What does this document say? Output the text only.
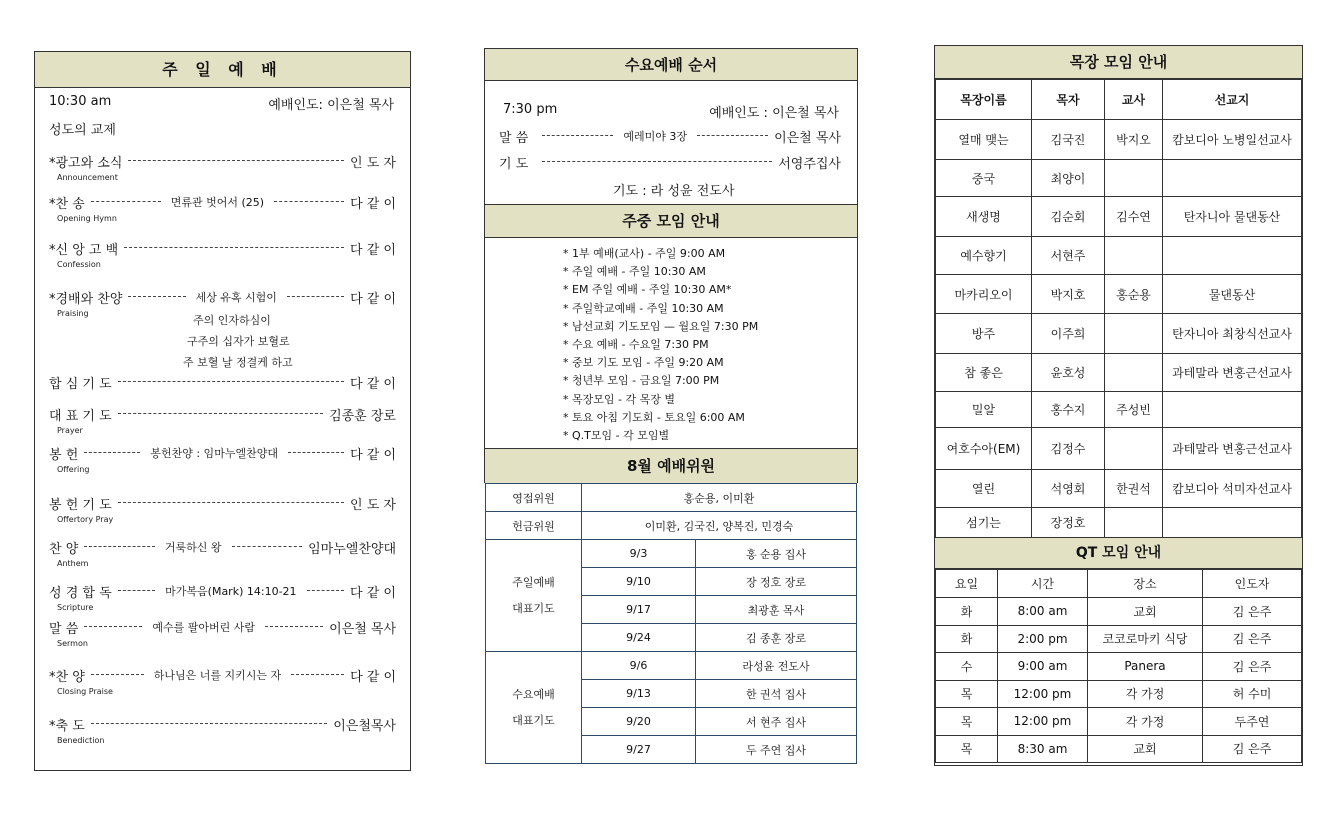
주 일 예 배
10:30 am	예배인도: 이은철 목사
성도의 교제
*광고와 소식	인 도 자
Announcement
*찬 송	면류관 벗어서 (25)	다 같 이
Opening Hymn
*신 앙 고 백	다 같 이
Confession
*경배와 찬양	세상 유혹 시험이	다 같 이
Praising
합 심 기 도	다 같 이
대 표 기 도	김종훈 장로
Prayer
봉 헌	봉헌찬양 : 임마누엘찬양대	다 같 이
Offering
봉 헌 기 도	인 도 자
Offertory Pray
찬 양	거룩하신 왕	임마누엘찬양대
Anthem
성 경 합 독	마가복음(Mark) 14:10-21	다 같 이
Scripture
말 씀	예수를 팔아버린 사람	이은철 목사
Sermon
*찬 양	하나님은 너를 지키시는 자	다 같 이
Closing Praise
*축 도	이은철목사
Benediction
주의 인자하심이
구주의 십자가 보혈로
주 보혈 날 정결케 하고
수요예배 순서
7:30 pm	예배인도 : 이은철 목사
말 씀	예레미야 3장	이은철 목사
기 도	서영주집사
기도 : 라 성윤 전도사
주중 모임 안내
* 1부 예배(교사) - 주일 9:00 AM
* 주일 예배 - 주일 10:30 AM
* EM 주일 예배 - 주일 10:30 AM*
* 주일학교예배 - 주일 10:30 AM
* 남선교회 기도모임 — 월요일 7:30 PM
* 수요 예배 - 수요일 7:30 PM
* 중보 기도 모임 - 주일 9:20 AM
* 청년부 모임 - 금요일 7:00 PM
* 목장모임 - 각 목장 별
* 토요 아침 기도회 - 토요일 6:00 AM
* Q.T모임 - 각 모임별
8월 예배위원
영접위원	홍순용, 이미환	
헌금위원	이미환, 김국진, 양복진, 민경숙	

주일예배
대표기도	9/3	홍 순용 집사
	9/10	장 정호 장로
	9/17	최광훈 목사
	9/24	김 종훈 장로

수요예배
대표기도	9/6	라성윤 전도사
	9/13	한 권석 집사
	9/20	서 현주 집사
	9/27	두 주연 집사
목장 모임 안내
목장이름	목자	교사	선교지
열매 맺는	김국진	박지오	캄보디아 노병일선교사
중국	최양이		
새생명	김순회	김수연	탄자니아 물댄동산
예수향기	서현주		
마카리오이	박지호	홍순용	물댄동산
방주	이주희		탄자니아 최창식선교사
참 좋은	윤호성		과테말라 변홍근선교사
밀알	홍수지	주성빈	
여호수아(EM)	김정수		과테말라 변홍근선교사
열린	석영회	한권석	캄보디아 석미자선교사
섬기는	장정호		
QT 모임 안내
요일	시간	장소	인도자
화	8:00 am	교회	김 은주
화	2:00 pm	코코로마키 식당	김 은주
수	9:00 am	Panera	김 은주
목	12:00 pm	각 가정	허 수미
목	12:00 pm	각 가정	두주연
목	8:30 am	교회	김 은주
